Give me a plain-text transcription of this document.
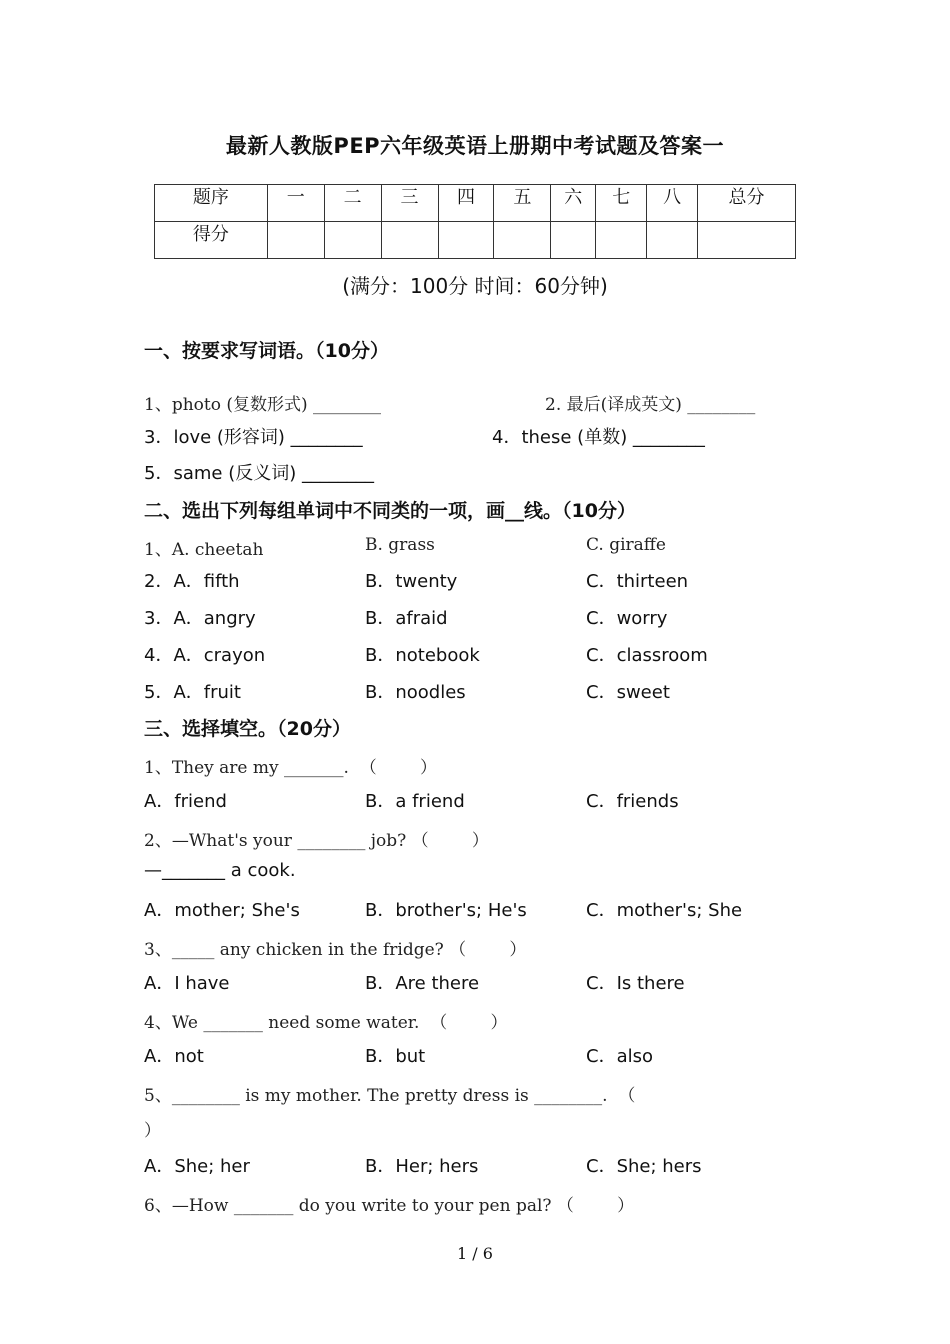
最新人教版PEP六年级英语上册期中考试题及答案一
题序	一	二	三	四	五	六	七	八	总分
得分									
(满分：100分 时间：60分钟)
一、按要求写词语。（10分）
1、photo (复数形式) ________	2. 最后(译成英文) ________
3．love (形容词) ________	4．these (单数) ________
5．same (反义词) ________
二、选出下列每组单词中不同类的一项，画__线。（10分）
1、A. cheetah	B. grass	C. giraffe
2．A．fifth	B．twenty	C．thirteen
3．A．angry	B．afraid	C．worry
4．A．crayon	B．notebook	C．classroom
5．A．fruit	B．noodles	C．sweet
三、选择填空。（20分）
1、They are my _______.  （        ）
A．friend	B．a friend	C．friends
2、—What's your ________ job? （        ）
—_______ a cook.
A．mother; She's	B．brother's; He's	C．mother's; She
3、_____ any chicken in the fridge? （        ）
A．I have	B．Are there	C．Is there
4、We _______ need some water.  （        ）
A．not	B．but	C．also
5、________ is my mother. The pretty dress is ________.  （
）
A．She; her	B．Her; hers	C．She; hers
6、—How _______ do you write to your pen pal? （        ）
1 / 6
